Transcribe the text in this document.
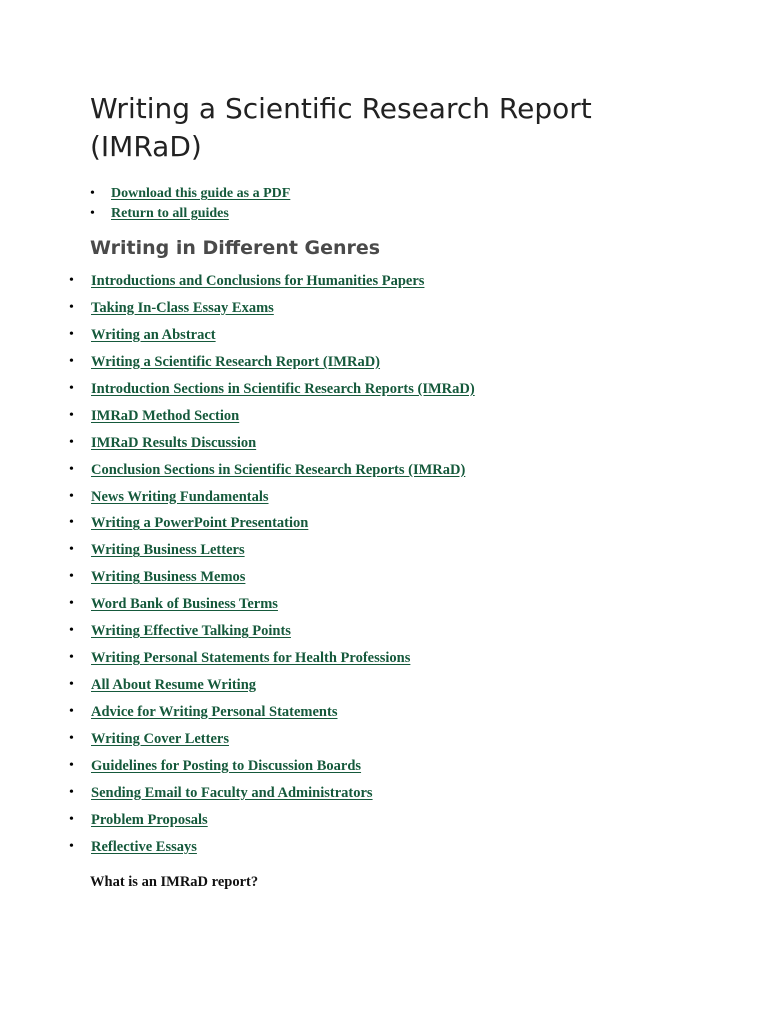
Writing a Scientific Research Report (IMRaD)
• Download this guide as a PDF
• Return to all guides
Writing in Different Genres
• Introductions and Conclusions for Humanities Papers
• Taking In-Class Essay Exams
• Writing an Abstract
• Writing a Scientific Research Report (IMRaD)
• Introduction Sections in Scientific Research Reports (IMRaD)
• IMRaD Method Section
• IMRaD Results Discussion
• Conclusion Sections in Scientific Research Reports (IMRaD)
• News Writing Fundamentals
• Writing a PowerPoint Presentation
• Writing Business Letters
• Writing Business Memos
• Word Bank of Business Terms
• Writing Effective Talking Points
• Writing Personal Statements for Health Professions
• All About Resume Writing
• Advice for Writing Personal Statements
• Writing Cover Letters
• Guidelines for Posting to Discussion Boards
• Sending Email to Faculty and Administrators
• Problem Proposals
• Reflective Essays

What is an IMRaD report?
